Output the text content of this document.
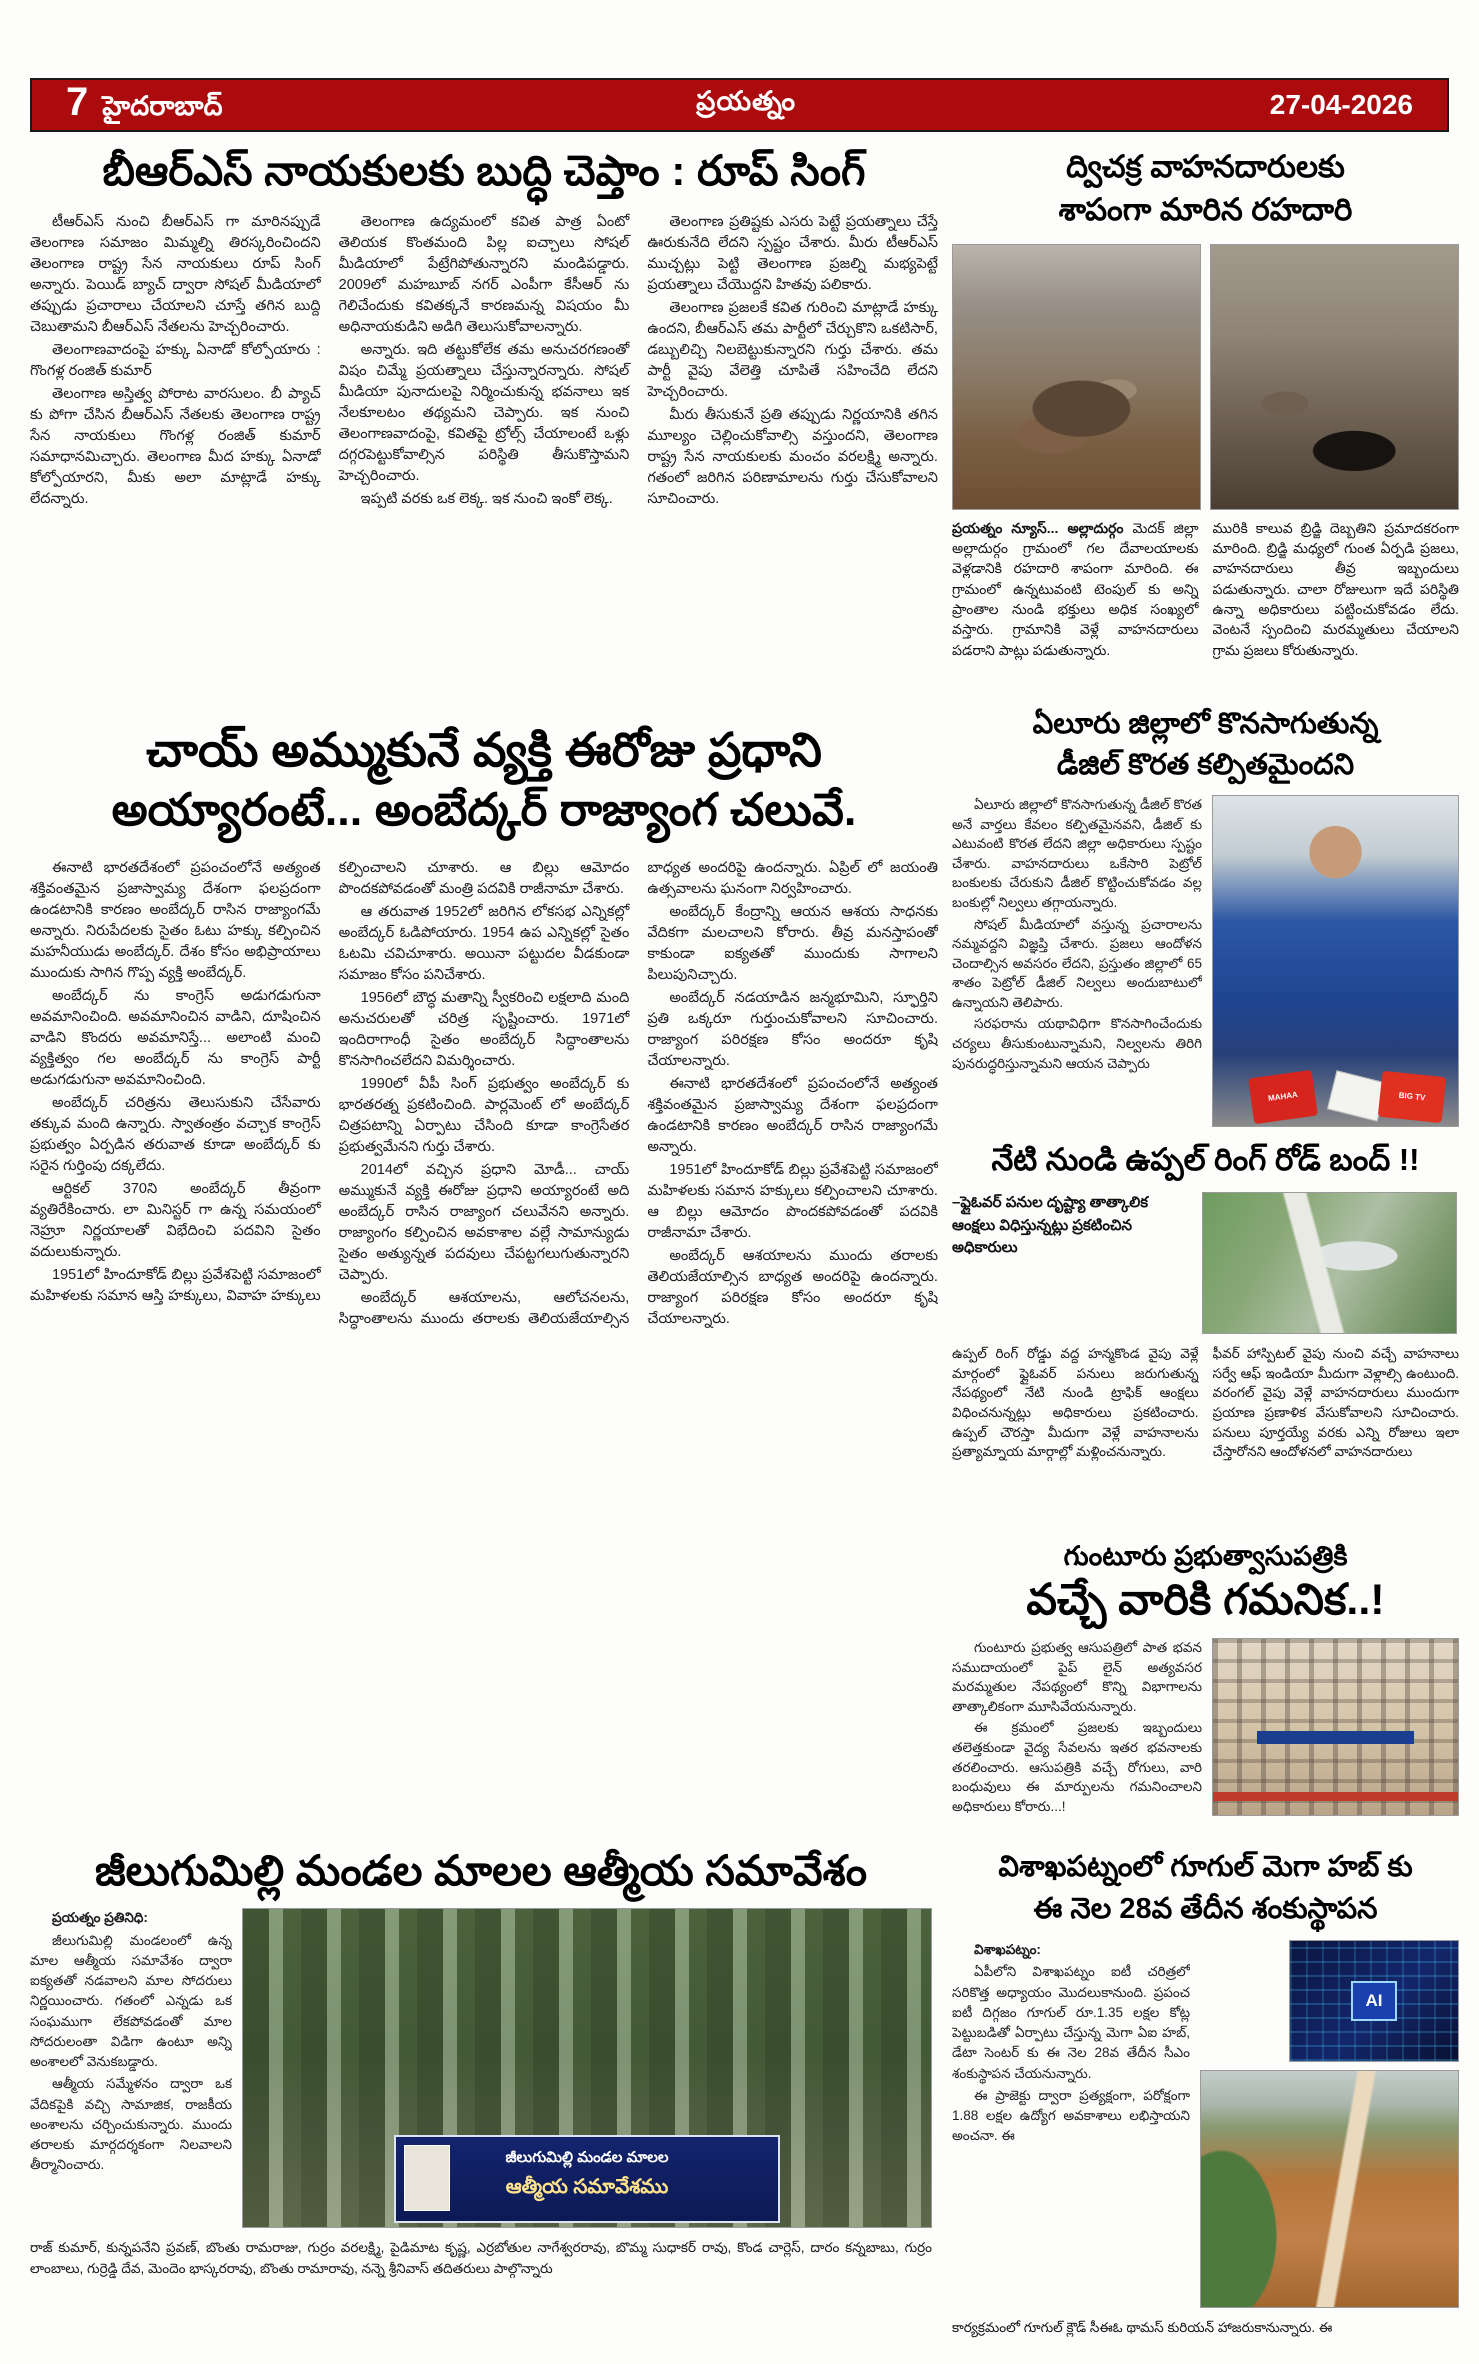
7 హైదరాబాద్	ప్రయత్నం	27-04-2026
బీఆర్ఎస్ నాయకులకు బుద్ధి చెప్తాం : రూప్ సింగ్

టీఆర్ఎస్ నుంచి బీఆర్ఎస్ గా మారినప్పుడే తెలంగాణ సమాజం మిమ్మల్ని తిరస్కరించిందని తెలంగాణ రాష్ట్ర సేన నాయకులు రూప్ సింగ్ అన్నారు. పెయిడ్ బ్యాచ్ ద్వారా సోషల్ మీడియాలో తప్పుడు ప్రచారాలు చేయాలని చూస్తే తగిన బుద్ది చెబుతామని బీఆర్ఎస్ నేతలను హెచ్చరించారు.

తెలంగాణవాదంపై హక్కు ఏనాడో కోల్పోయారు : గొంగళ్ల రంజిత్ కుమార్

తెలంగాణ అస్తిత్వ పోరాట వారసులం. బీ ప్యాచ్ కు పోగా చేసిన బీఆర్ఎస్ నేతలకు తెలంగాణ రాష్ట్ర సేన నాయకులు గొంగళ్ల రంజిత్ కుమార్ సమాధానమిచ్చారు. తెలంగాణ మీద హక్కు ఏనాడో కోల్పోయారని, మీకు అలా మాట్లాడే హక్కు లేదన్నారు.

తెలంగాణ ఉద్యమంలో కవిత పాత్ర ఏంటో తెలియక కొంతమంది పిల్ల ఐచ్చాలు సోషల్ మీడియాలో పేట్రేగిపోతున్నారని మండిపడ్డారు. 2009లో మహబూబ్ నగర్ ఎంపీగా కేసీఆర్ ను గెలిచేందుకు కవితక్కనే కారణమన్న విషయం మీ అధినాయకుడిని అడిగి తెలుసుకోవాలన్నారు.

అన్నారు. ఇది తట్టుకోలేక తమ అనుచరగణంతో విషం చిమ్మే ప్రయత్నాలు చేస్తున్నారన్నారు. సోషల్ మీడియా పునాదులపై నిర్మించుకున్న భవనాలు ఇక నేలకూలటం తథ్యమని చెప్పారు. ఇక నుంచి తెలంగాణవాదంపై, కవితపై ట్రోల్స్ చేయాలంటే ఒళ్లు దగ్గరపెట్టుకోవాల్సిన పరిస్థితి తీసుకొస్తామని హెచ్చరించారు.

ఇప్పటి వరకు ఒక లెక్క. ఇక నుంచి ఇంకో లెక్క.

తెలంగాణ ప్రతిష్టకు ఎసరు పెట్టే ప్రయత్నాలు చేస్తే ఊరుకునేది లేదని స్పష్టం చేశారు. మీరు టీఆర్ఎస్ ముచ్చట్లు పెట్టి తెలంగాణ ప్రజల్ని మభ్యపెట్టే ప్రయత్నాలు చేయొద్దని హితవు పలికారు.

తెలంగాణ ప్రజలకే కవిత గురించి మాట్లాడే హక్కు ఉందని, బీఆర్ఎస్ తమ పార్టీలో చేర్చుకొని ఒకటిసార్, డబ్బులిచ్చి నిలబెట్టుకున్నారని గుర్తు చేశారు. తమ పార్టీ వైపు వేలెత్తి చూపితే సహించేది లేదని హెచ్చరించారు.

మీరు తీసుకునే ప్రతి తప్పుడు నిర్ణయానికి తగిన మూల్యం చెల్లించుకోవాల్సి వస్తుందని, తెలంగాణ రాష్ట్ర సేన నాయకులకు మంచం వరలక్ష్మి అన్నారు. గతంలో జరిగిన పరిణామాలను గుర్తు చేసుకోవాలని సూచించారు.

ద్విచక్ర వాహనదారులకు
శాపంగా మారిన రహదారి
ప్రయత్నం న్యూస్... అల్లాదుర్గం మెదక్ జిల్లా అల్లాదుర్గం గ్రామంలో గల దేవాలయాలకు వెళ్లడానికి రహదారి శాపంగా మారింది. ఈ గ్రామంలో ఉన్నటువంటి టెంపుల్ కు అన్ని ప్రాంతాల నుండి భక్తులు అధిక సంఖ్యలో వస్తారు. గ్రామానికి వెళ్లే వాహనదారులు పడరాని పాట్లు పడుతున్నారు.
మురికి కాలువ బ్రిడ్జి దెబ్బతిని ప్రమాదకరంగా మారింది. బ్రిడ్జి మధ్యలో గుంత ఏర్పడి ప్రజలు, వాహనదారులు తీవ్ర ఇబ్బందులు పడుతున్నారు. చాలా రోజులుగా ఇదే పరిస్థితి ఉన్నా అధికారులు పట్టించుకోవడం లేదు. వెంటనే స్పందించి మరమ్మతులు చేయాలని గ్రామ ప్రజలు కోరుతున్నారు.
చాయ్ అమ్ముకునే వ్యక్తి ఈరోజు ప్రధాని
అయ్యారంటే... అంబేద్కర్ రాజ్యాంగ చలువే.

ఈనాటి భారతదేశంలో ప్రపంచంలోనే అత్యంత శక్తివంతమైన ప్రజాస్వామ్య దేశంగా ఫలప్రదంగా ఉండటానికి కారణం అంబేద్కర్ రాసిన రాజ్యాంగమే అన్నారు. నిరుపేదలకు సైతం ఓటు హక్కు కల్పించిన మహనీయుడు అంబేద్కర్. దేశం కోసం అభిప్రాయాలు ముందుకు సాగిన గొప్ప వ్యక్తి అంబేద్కర్.

అంబేద్కర్ ను కాంగ్రెస్ అడుగడుగునా అవమానించింది. అవమానించిన వాడిని, దూషించిన వాడిని కొందరు అవమానిస్తే... అలాంటి మంచి వ్యక్తిత్వం గల అంబేద్కర్ ను కాంగ్రెస్ పార్టీ అడుగడుగునా అవమానించింది.

అంబేద్కర్ చరిత్రను తెలుసుకుని చేసేవారు తక్కువ మంది ఉన్నారు. స్వాతంత్రం వచ్చాక కాంగ్రెస్ ప్రభుత్వం ఏర్పడిన తరువాత కూడా అంబేద్కర్ కు సరైన గుర్తింపు దక్కలేదు.

ఆర్టికల్ 370ని అంబేద్కర్ తీవ్రంగా వ్యతిరేకించారు. లా మినిస్టర్ గా ఉన్న సమయంలో నెహ్రూ నిర్ణయాలతో విభేదించి పదవిని సైతం వదులుకున్నారు.

1951లో హిందూకోడ్ బిల్లు ప్రవేశపెట్టి సమాజంలో మహిళలకు సమాన ఆస్తి హక్కులు, వివాహ హక్కులు కల్పించాలని చూశారు. ఆ బిల్లు ఆమోదం పొందకపోవడంతో మంత్రి పదవికి రాజీనామా చేశారు.

ఆ తరువాత 1952లో జరిగిన లోకసభ ఎన్నికల్లో అంబేద్కర్ ఓడిపోయారు. 1954 ఉప ఎన్నికల్లో సైతం ఓటమి చవిచూశారు. అయినా పట్టుదల వీడకుండా సమాజం కోసం పనిచేశారు.

1956లో బౌద్ధ మతాన్ని స్వీకరించి లక్షలాది మంది అనుచరులతో చరిత్ర సృష్టించారు. 1971లో ఇందిరాగాంధీ సైతం అంబేద్కర్ సిద్ధాంతాలను కొనసాగించలేదని విమర్శించారు.

1990లో వీపీ సింగ్ ప్రభుత్వం అంబేద్కర్ కు భారతరత్న ప్రకటించింది. పార్లమెంట్ లో అంబేద్కర్ చిత్రపటాన్ని ఏర్పాటు చేసింది కూడా కాంగ్రెసేతర ప్రభుత్వమేనని గుర్తు చేశారు.

2014లో వచ్చిన ప్రధాని మోడీ... చాయ్ అమ్ముకునే వ్యక్తి ఈరోజు ప్రధాని అయ్యారంటే అది అంబేద్కర్ రాసిన రాజ్యాంగ చలువేనని అన్నారు. రాజ్యాంగం కల్పించిన అవకాశాల వల్లే సామాన్యుడు సైతం అత్యున్నత పదవులు చేపట్టగలుగుతున్నారని చెప్పారు.

అంబేద్కర్ ఆశయాలను, ఆలోచనలను, సిద్ధాంతాలను ముందు తరాలకు తెలియజేయాల్సిన బాధ్యత అందరిపై ఉందన్నారు. ఏప్రిల్ లో జయంతి ఉత్సవాలను ఘనంగా నిర్వహించారు.

అంబేద్కర్ కేంద్రాన్ని ఆయన ఆశయ సాధనకు వేదికగా మలచాలని కోరారు. తీవ్ర మనస్తాపంతో కాకుండా ఐక్యతతో ముందుకు సాగాలని పిలుపునిచ్చారు.

అంబేద్కర్ నడయాడిన జన్మభూమిని, స్ఫూర్తిని ప్రతి ఒక్కరూ గుర్తుంచుకోవాలని సూచించారు. రాజ్యాంగ పరిరక్షణ కోసం అందరూ కృషి చేయాలన్నారు.

ఈనాటి భారతదేశంలో ప్రపంచంలోనే అత్యంత శక్తివంతమైన ప్రజాస్వామ్య దేశంగా ఫలప్రదంగా ఉండటానికి కారణం అంబేద్కర్ రాసిన రాజ్యాంగమే అన్నారు.

1951లో హిందూకోడ్ బిల్లు ప్రవేశపెట్టి సమాజంలో మహిళలకు సమాన హక్కులు కల్పించాలని చూశారు. ఆ బిల్లు ఆమోదం పొందకపోవడంతో పదవికి రాజీనామా చేశారు.

అంబేద్కర్ ఆశయాలను ముందు తరాలకు తెలియజేయాల్సిన బాధ్యత అందరిపై ఉందన్నారు. రాజ్యాంగ పరిరక్షణ కోసం అందరూ కృషి చేయాలన్నారు.

ఏలూరు జిల్లాలో కొనసాగుతున్న
డీజిల్ కొరత కల్పితమైందని

ఏలూరు జిల్లాలో కొనసాగుతున్న డీజిల్ కొరత అనే వార్తలు కేవలం కల్పితమైనవని, డీజిల్ కు ఎటువంటి కొరత లేదని జిల్లా అధికారులు స్పష్టం చేశారు. వాహనదారులు ఒకేసారి పెట్రోల్ బంకులకు చేరుకుని డీజిల్ కొట్టించుకోవడం వల్ల బంకుల్లో నిల్వలు తగ్గాయన్నారు.

సోషల్ మీడియాలో వస్తున్న ప్రచారాలను నమ్మవద్దని విజ్ఞప్తి చేశారు. ప్రజలు ఆందోళన చెందాల్సిన అవసరం లేదని, ప్రస్తుతం జిల్లాలో 65 శాతం పెట్రోల్ డీజిల్ నిల్వలు అందుబాటులో ఉన్నాయని తెలిపారు.

సరఫరాను యథావిధిగా కొనసాగించేందుకు చర్యలు తీసుకుంటున్నామని, నిల్వలను తిరిగి పునరుద్ధరిస్తున్నామని ఆయన చెప్పారు

MAHAA	BIG TV
నేటి నుండి ఉప్పల్ రింగ్ రోడ్ బంద్ !!
–ఫ్లైఓవర్ పనుల దృష్ట్యా తాత్కాలిక ఆంక్షలు విధిస్తున్నట్లు ప్రకటించిన అధికారులు
ఉప్పల్ రింగ్ రోడ్డు వద్ద హన్మకొండ వైపు వెళ్లే మార్గంలో ఫ్లైఓవర్ పనులు జరుగుతున్న నేపథ్యంలో నేటి నుండి ట్రాఫిక్ ఆంక్షలు విధించనున్నట్లు అధికారులు ప్రకటించారు. ఉప్పల్ చౌరస్తా మీదుగా వెళ్లే వాహనాలను ప్రత్యామ్నాయ మార్గాల్లో మళ్లించనున్నారు.
ఫీవర్ హాస్పిటల్ వైపు నుంచి వచ్చే వాహనాలు సర్వే ఆఫ్ ఇండియా మీదుగా వెళ్లాల్సి ఉంటుంది. వరంగల్ వైపు వెళ్లే వాహనదారులు ముందుగా ప్రయాణ ప్రణాళిక వేసుకోవాలని సూచించారు. పనులు పూర్తయ్యే వరకు ఎన్ని రోజులు ఇలా చేస్తారోనని ఆందోళనలో వాహనదారులు
గుంటూరు ప్రభుత్వాసుపత్రికి
వచ్చే వారికి గమనిక..!

గుంటూరు ప్రభుత్వ ఆసుపత్రిలో పాత భవన సముదాయంలో పైప్ లైన్ అత్యవసర మరమ్మతుల నేపథ్యంలో కొన్ని విభాగాలను తాత్కాలికంగా మూసివేయనున్నారు.

ఈ క్రమంలో ప్రజలకు ఇబ్బందులు తలెత్తకుండా వైద్య సేవలను ఇతర భవనాలకు తరలించారు. ఆసుపత్రికి వచ్చే రోగులు, వారి బంధువులు ఈ మార్పులను గమనించాలని అధికారులు కోరారు...!

జీలుగుమిల్లి మండల మాలల ఆత్మీయ సమావేశం

ప్రయత్నం ప్రతినిధి:

జీలుగుమిల్లి మండలంలో ఉన్న మాల ఆత్మీయ సమావేశం ద్వారా ఐక్యతతో నడవాలని మాల సోదరులు నిర్ణయించారు. గతంలో ఎన్నడు ఒక సంఘముగా లేకపోవడంతో మాల సోదరులంతా విడిగా ఉంటూ అన్ని అంశాలలో వెనుకబడ్డారు.

ఆత్మీయ సమ్మేళనం ద్వారా ఒక వేదికపైకి వచ్చి సామాజిక, రాజకీయ అంశాలను చర్చించుకున్నారు. ముందు తరాలకు మార్గదర్శకంగా నిలవాలని తీర్మానించారు.	జీలుగుమిల్లి మండల మాలల
ఆత్మీయ సమావేశము
రాజ్ కుమార్, కున్నపనేని ప్రవణ్, బొంతు రామరాజు, గుర్రం వరలక్ష్మి, పైడిమాట కృష్ణ, ఎర్రబోతుల నాగేశ్వరరావు, బొమ్మ సుధాకర్ రావు, కొండ చార్లెస్, దారం కన్నబాబు, గుర్రం లాంబాలు, గుర్రెడ్డి దేవ, మెందెం భాస్కరరావు, బొంతు రామారావు, నన్నె శ్రీనివాస్ తదితరులు పాల్గొన్నారు
విశాఖపట్నంలో గూగుల్ మెగా హబ్ కు
ఈ నెల 28వ తేదీన శంకుస్థాపన

విశాఖపట్నం:

ఏపీలోని విశాఖపట్నం ఐటీ చరిత్రలో సరికొత్త అధ్యాయం మొదలుకానుంది. ప్రపంచ ఐటీ దిగ్గజం గూగుల్ రూ.1.35 లక్షల కోట్ల పెట్టుబడితో ఏర్పాటు చేస్తున్న మెగా ఏఐ హబ్, డేటా సెంటర్ కు ఈ నెల 28వ తేదీన సీఎం శంకుస్థాపన చేయనున్నారు.

ఈ ప్రాజెక్టు ద్వారా ప్రత్యక్షంగా, పరోక్షంగా 1.88 లక్షల ఉద్యోగ అవకాశాలు లభిస్తాయని అంచనా. ఈ

AI
కార్యక్రమంలో గూగుల్ క్లౌడ్ సీఈఓ థామస్ కురియన్ హాజరుకానున్నారు. ఈ
